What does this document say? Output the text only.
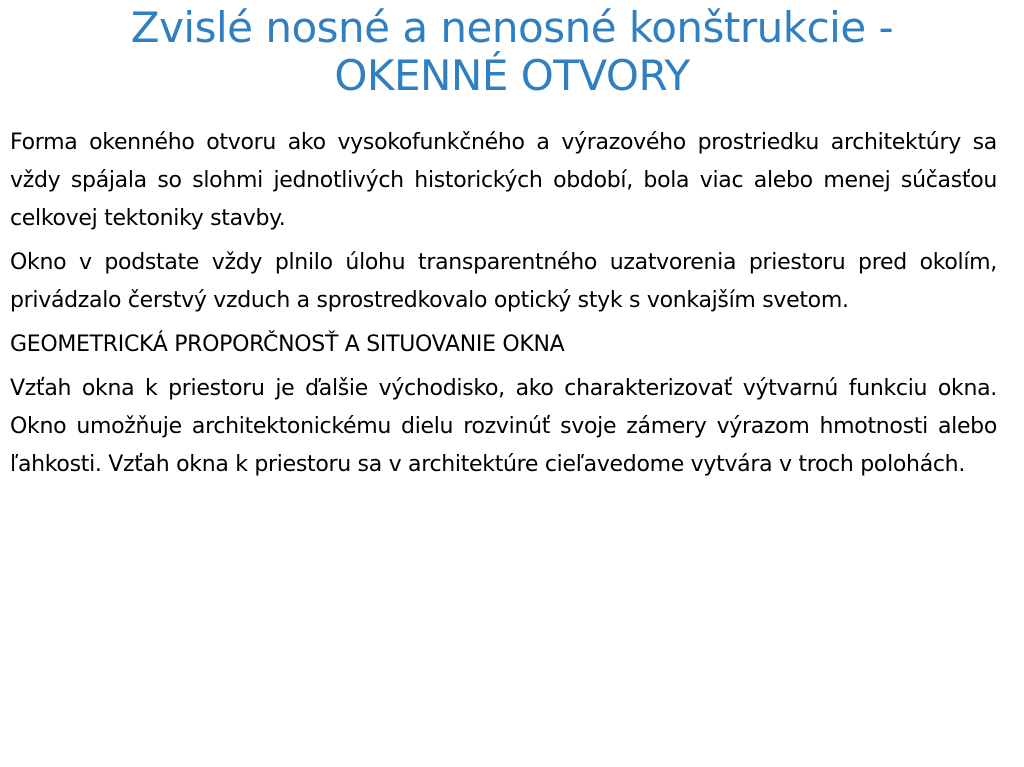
Zvislé nosné a nenosné konštrukcie -
OKENNÉ OTVORY

Forma okenného otvoru ako vysokofunkčného a výrazového prostriedku architektúry sa vždy spájala so slohmi jednotlivých historických období, bola viac alebo menej súčasťou celkovej tektoniky stavby.

Okno v podstate vždy plnilo úlohu transparentného uzatvorenia priestoru pred okolím, privádzalo čerstvý vzduch a sprostredkovalo optický styk s vonkajším svetom.

GEOMETRICKÁ PROPORČNOSŤ A SITUOVANIE OKNA

Vzťah okna k priestoru je ďalšie východisko, ako charakterizovať výtvarnú funkciu okna. Okno umožňuje architektonickému dielu rozvinúť svoje zámery výrazom hmotnosti alebo ľahkosti. Vzťah okna k priestoru sa v architektúre cieľavedome vytvára v troch polohách.
